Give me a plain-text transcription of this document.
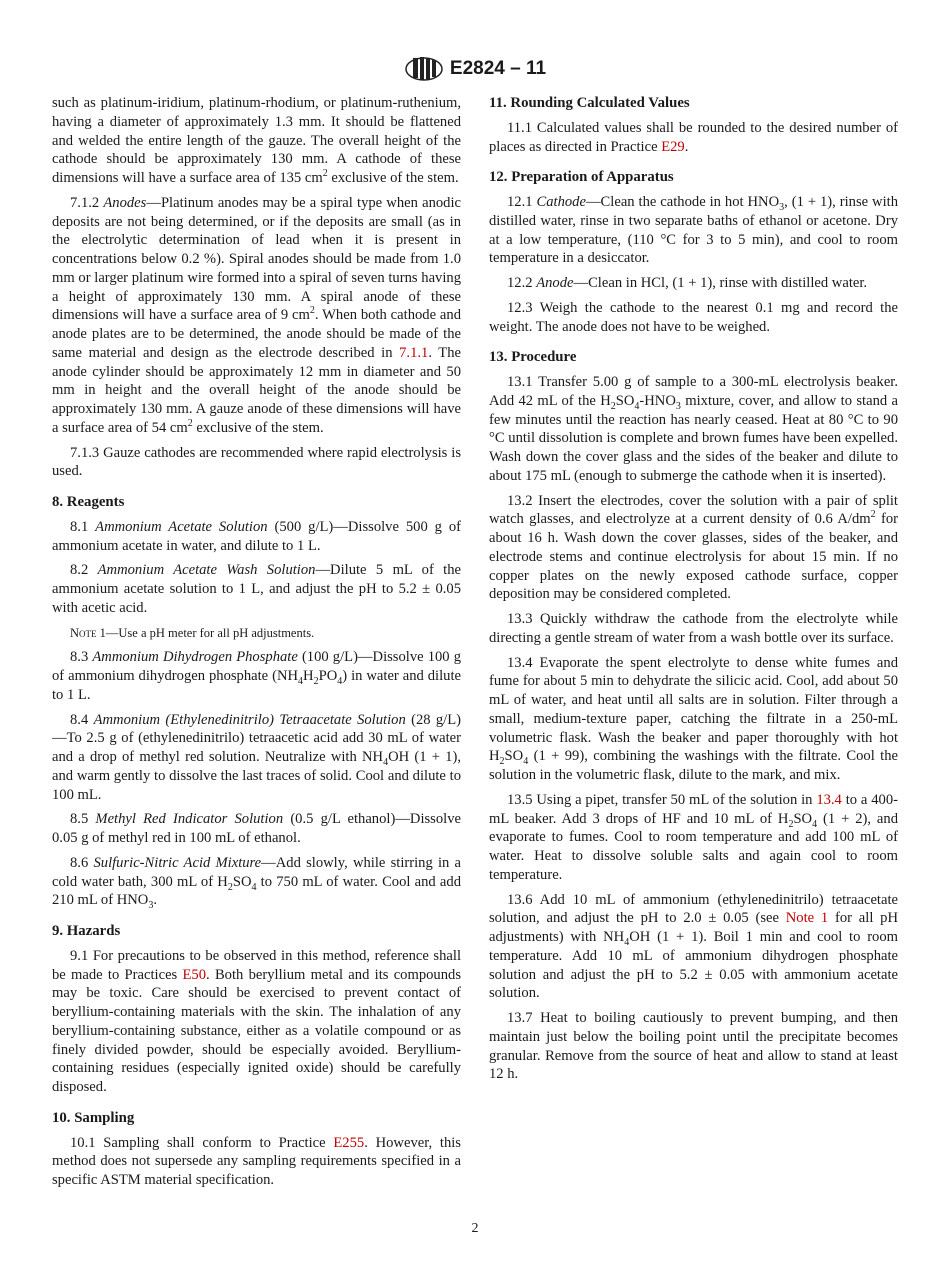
E2824 – 11
such as platinum-iridium, platinum-rhodium, or platinum-ruthenium, having a diameter of approximately 1.3 mm. It should be flattened and welded the entire length of the gauze. The overall height of the cathode should be approximately 130 mm. A cathode of these dimensions will have a surface area of 135 $cm^2$ exclusive of the stem.
7.1.2 Anodes—Platinum anodes may be a spiral type when anodic deposits are not being determined, or if the deposits are small (as in the electrolytic determination of lead when it is present in concentrations below 0.2 %). Spiral anodes should be made from 1.0 mm or larger platinum wire formed into a spiral of seven turns having a height of approximately 130 mm. A spiral anode of these dimensions will have a surface area of 9 $cm^2$. When both cathode and anode plates are to be determined, the anode should be made of the same material and design as the electrode described in 7.1.1. The anode cylinder should be approximately 12 mm in diameter and 50 mm in height and the overall height of the anode should be approximately 130 mm. A gauze anode of these dimensions will have a surface area of 54 $cm^2$ exclusive of the stem.
7.1.3 Gauze cathodes are recommended where rapid electrolysis is used.
8. Reagents
8.1 Ammonium Acetate Solution (500 g/L)—Dissolve 500 g of ammonium acetate in water, and dilute to 1 L.
8.2 Ammonium Acetate Wash Solution—Dilute 5 mL of the ammonium acetate solution to 1 L, and adjust the pH to 5.2 ± 0.05 with acetic acid.
Note 1—Use a pH meter for all pH adjustments.
8.3 Ammonium Dihydrogen Phosphate (100 g/L)—Dissolve 100 g of ammonium dihydrogen phosphate $(NH_4H_2PO_4)$ in water and dilute to 1 L.
8.4 Ammonium (Ethylenedinitrilo) Tetraacetate Solution (28 g/L)—To 2.5 g of (ethylenedinitrilo) tetraacetic acid add 30 mL of water and a drop of methyl red solution. Neutralize with $NH_4OH$ (1 + 1), and warm gently to dissolve the last traces of solid. Cool and dilute to 100 mL.
8.5 Methyl Red Indicator Solution (0.5 g/L ethanol)—Dissolve 0.05 g of methyl red in 100 mL of ethanol.
8.6 Sulfuric-Nitric Acid Mixture—Add slowly, while stirring in a cold water bath, 300 mL of $H_2SO_4$ to 750 mL of water. Cool and add 210 mL of $HNO_3$.
9. Hazards
9.1 For precautions to be observed in this method, reference shall be made to Practices E50. Both beryllium metal and its compounds may be toxic. Care should be exercised to prevent contact of beryllium-containing materials with the skin. The inhalation of any beryllium-containing substance, either as a volatile compound or as finely divided powder, should be especially avoided. Beryllium-containing residues (especially ignited oxide) should be carefully disposed.
10. Sampling
10.1 Sampling shall conform to Practice E255. However, this method does not supersede any sampling requirements specified in a specific ASTM material specification.
11. Rounding Calculated Values
11.1 Calculated values shall be rounded to the desired number of places as directed in Practice E29.
12. Preparation of Apparatus
12.1 Cathode—Clean the cathode in hot $HNO_3$, (1 + 1), rinse with distilled water, rinse in two separate baths of ethanol or acetone. Dry at a low temperature, (110 °C for 3 to 5 min), and cool to room temperature in a desiccator.
12.2 Anode—Clean in HCl, (1 + 1), rinse with distilled water.
12.3 Weigh the cathode to the nearest 0.1 mg and record the weight. The anode does not have to be weighed.
13. Procedure
13.1 Transfer 5.00 g of sample to a 300-mL electrolysis beaker. Add 42 mL of the $H_2SO_4-HNO_3$ mixture, cover, and allow to stand a few minutes until the reaction has nearly ceased. Heat at 80 °C to 90 °C until dissolution is complete and brown fumes have been expelled. Wash down the cover glass and the sides of the beaker and dilute to about 175 mL (enough to submerge the cathode when it is inserted).
13.2 Insert the electrodes, cover the solution with a pair of split watch glasses, and electrolyze at a current density of 0.6 $A/dm^2$ for about 16 h. Wash down the cover glasses, sides of the beaker, and electrode stems and continue electrolysis for about 15 min. If no copper plates on the newly exposed cathode surface, copper deposition may be considered completed.
13.3 Quickly withdraw the cathode from the electrolyte while directing a gentle stream of water from a wash bottle over its surface.
13.4 Evaporate the spent electrolyte to dense white fumes and fume for about 5 min to dehydrate the silicic acid. Cool, add about 50 mL of water, and heat until all salts are in solution. Filter through a small, medium-texture paper, catching the filtrate in a 250-mL volumetric flask. Wash the beaker and paper thoroughly with hot $H_2SO_4$ (1 + 99), combining the washings with the filtrate. Cool the solution in the volumetric flask, dilute to the mark, and mix.
13.5 Using a pipet, transfer 50 mL of the solution in 13.4 to a 400-mL beaker. Add 3 drops of HF and 10 mL of $H_2SO_4$ (1 + 2), and evaporate to fumes. Cool to room temperature and add 100 mL of water. Heat to dissolve soluble salts and again cool to room temperature.
13.6 Add 10 mL of ammonium (ethylenedinitrilo) tetraacetate solution, and adjust the pH to 2.0 ± 0.05 (see Note 1 for all pH adjustments) with $NH_4OH$ (1 + 1). Boil 1 min and cool to room temperature. Add 10 mL of ammonium dihydrogen phosphate solution and adjust the pH to 5.2 ± 0.05 with ammonium acetate solution.
13.7 Heat to boiling cautiously to prevent bumping, and then maintain just below the boiling point until the precipitate becomes granular. Remove from the source of heat and allow to stand at least 12 h.
2
